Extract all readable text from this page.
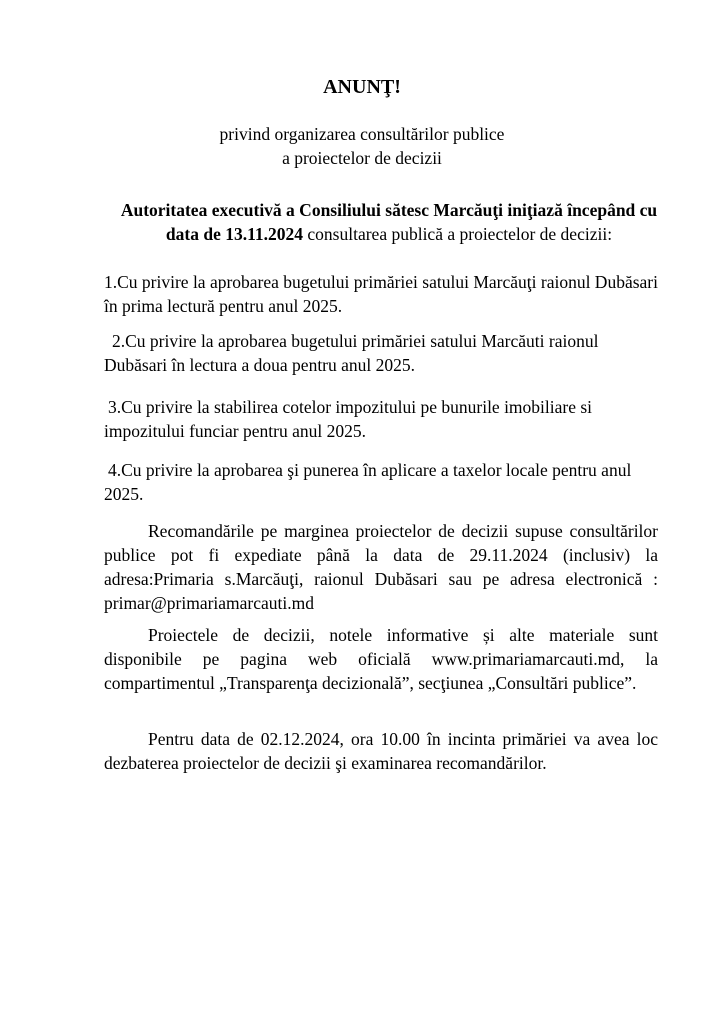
ANUNŢ!
privind organizarea consultărilor publice
a proiectelor de decizii
Autoritatea executivă a Consiliului sătesc Marcăuţi iniţiază începând cu data de 13.11.2024 consultarea publică a proiectelor de decizii:
1.Cu privire la aprobarea bugetului primăriei satului Marcăuţi raionul Dubăsari în prima lectură pentru anul 2025.
2.Cu privire la aprobarea bugetului primăriei satului Marcăuti raionul Dubăsari în lectura a doua pentru anul 2025.
3.Cu privire la stabilirea cotelor impozitului pe bunurile imobiliare si impozitului funciar pentru anul 2025.
4.Cu privire la aprobarea şi punerea în aplicare a taxelor locale pentru anul 2025.
Recomandările pe marginea proiectelor de decizii supuse consultărilor publice pot fi expediate până la data de 29.11.2024 (inclusiv) la adresa:Primaria s.Marcăuţi, raionul Dubăsari sau pe adresa electronică : primar@primariamarcauti.md
Proiectele de decizii, notele informative și alte materiale sunt disponibile pe pagina web oficială www.primariamarcauti.md, la compartimentul „Transparenţa decizională”, secţiunea „Consultări publice”.
Pentru data de 02.12.2024, ora 10.00 în incinta primăriei va avea loc dezbaterea proiectelor de decizii şi examinarea recomandărilor.
